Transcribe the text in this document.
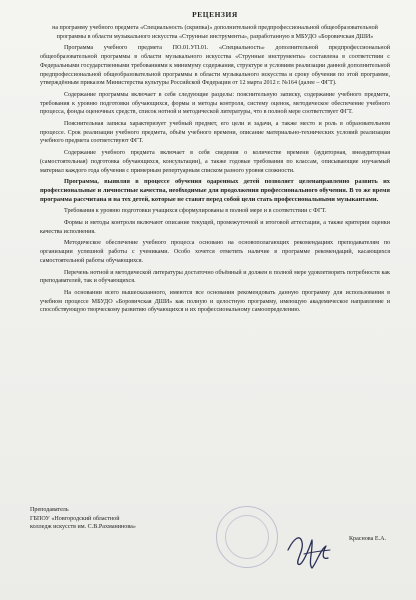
РЕЦЕНЗИЯ
на программу учебного предмета «Специальность (скрипка)» дополнительной предпрофессиональной общеобразовательной программы в области музыкального искусства «Струнные инструменты», разработанную в МБУДО «Боровичская ДШИ»

Программа учебного предмета ПО.01.УП.01. «Специальность» дополнительной предпрофессиональной общеобразовательной программы в области музыкального искусства «Струнные инструменты» составлена в соответствии с Федеральными государственными требованиями к минимуму содержания, структуре и условиям реализации данной дополнительной предпрофессиональной общеобразовательной программы в области музыкального искусства и сроку обучения по этой программе, утверждённым приказом Министерства культуры Российской Федерации от 12 марта 2012 г. №164 (далее – ФГТ).

Содержание программы включает в себя следующие разделы: пояснительную записку, содержание учебного предмета, требования к уровню подготовки обучающихся, формы и методы контроля, систему оценок, методическое обеспечение учебного процесса, фонды оценочных средств, список нотной и методической литературы, что в полной мере соответствует ФГТ.

Пояснительная записка характеризует учебный предмет, его цели и задачи, а также место и роль в образовательном процессе. Срок реализации учебного предмета, объём учебного времени, описание материально-технических условий реализации учебного предмета соответствуют ФГТ.

Содержание учебного предмета включает в себя сведения о количестве времени (аудиторная, внеаудиторная (самостоятельная) подготовка обучающихся, консультации), а также годовые требования по классам, описывающие изучаемый материал каждого года обучения с примерным репертуарным списком разного уровня сложности.

Программа, выявляя в процессе обучения одаренных детей позволяет целенаправленно развить их профессиональные и личностные качества, необходимые для продолжения профессионального обучения. В то же время программа рассчитана и на тех детей, которые не ставят перед собой цели стать профессиональными музыкантами.

Требования к уровню подготовки учащихся сформулированы в полной мере и в соответствии с ФГТ.

Формы и методы контроля включают описание текущей, промежуточной и итоговой аттестации, а также критерии оценки качества исполнения.

Методическое обеспечение учебного процесса основано на основополагающих рекомендациях преподавателям по организации успешной работы с учениками. Особо хочется отметить наличие в программе рекомендаций, касающихся самостоятельной работы обучающихся.

Перечень нотной и методической литературы достаточно объёмный и должен в полной мере удовлетворять потребности как преподавателей, так и обучающихся.

На основании всего вышесказанного, имеются все основания рекомендовать данную программу для использования в учебном процессе МБУДО «Боровичская ДШИ» как полную и целостную программу, имеющую академическое направление и способствующую творческому развитию обучающихся и их профессиональному самоопределению.

Преподаватель
ГБПОУ «Новгородский областной
колледж искусств им. С.В.Рахманинова»
Краснова Е.А.
